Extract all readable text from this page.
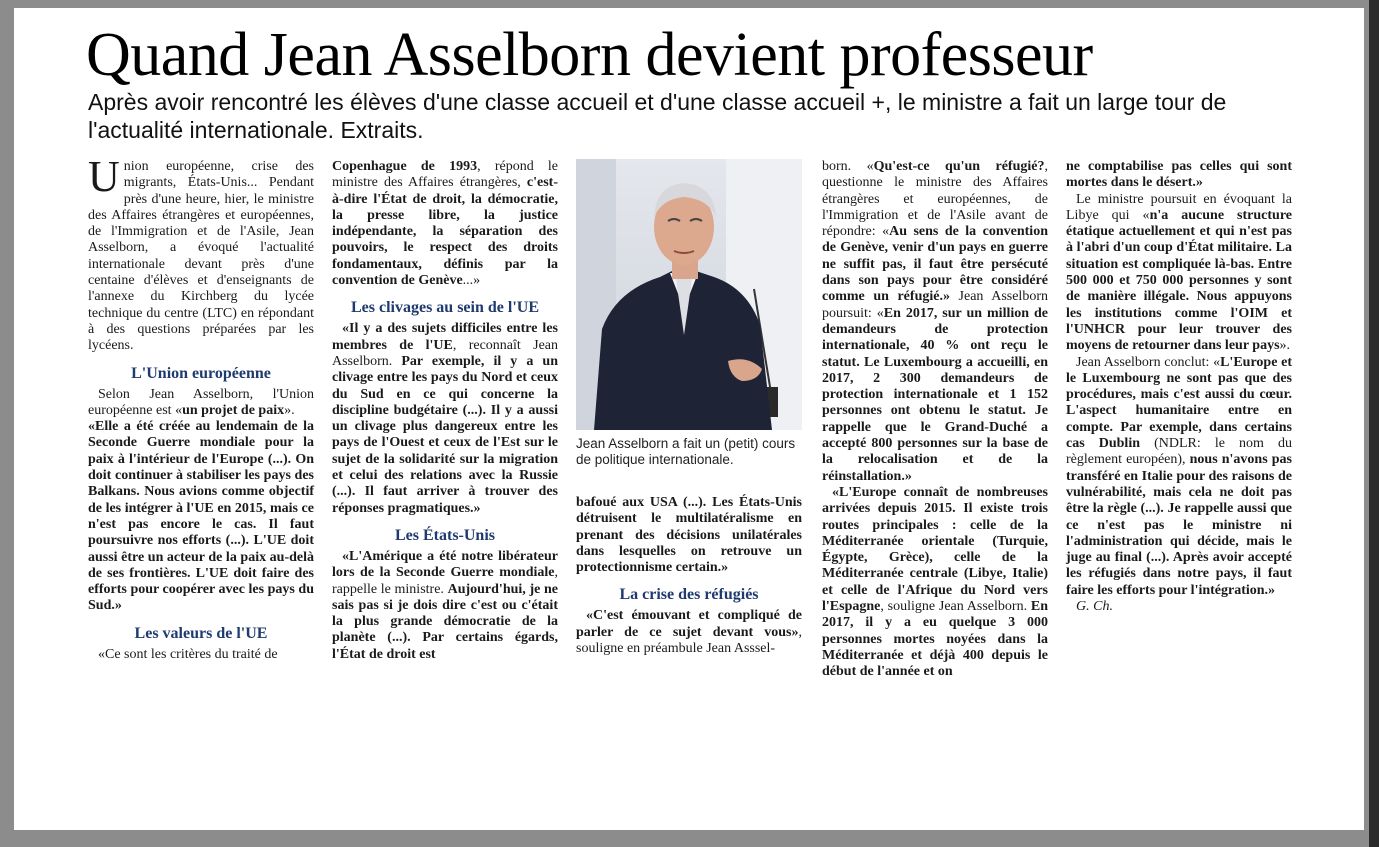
Quand Jean Asselborn devient professeur

Après avoir rencontré les élèves d'une classe accueil et d'une classe accueil +, le ministre a fait un large tour de l'actualité internationale. Extraits.

Union européenne, crise des migrants, États-Unis... Pendant près d'une heure, hier, le ministre des Affaires étrangères et européennes, de l'Immigration et de l'Asile, Jean Asselborn, a évoqué l'actualité internationale devant près d'une centaine d'élèves et d'enseignants de l'annexe du Kirchberg du lycée technique du centre (LTC) en répondant à des questions préparées par les lycéens.

L'Union européenne

Selon Jean Asselborn, l'Union européenne est «un projet de paix».

«Elle a été créée au lendemain de la Seconde Guerre mondiale pour la paix à l'intérieur de l'Europe (...). On doit continuer à stabiliser les pays des Balkans. Nous avions comme objectif de les intégrer à l'UE en 2015, mais ce n'est pas encore le cas. Il faut poursuivre nos efforts (...). L'UE doit aussi être un acteur de la paix au-delà de ses frontières. L'UE doit faire des efforts pour coopérer avec les pays du Sud.»

Les valeurs de l'UE

«Ce sont les critères du traité de

Copenhague de 1993, répond le ministre des Affaires étrangères, c'est-à-dire l'État de droit, la démocratie, la presse libre, la justice indépendante, la séparation des pouvoirs, le respect des droits fondamentaux, définis par la convention de Genève...»

Les clivages au sein de l'UE

«Il y a des sujets difficiles entre les membres de l'UE, reconnaît Jean Asselborn. Par exemple, il y a un clivage entre les pays du Nord et ceux du Sud en ce qui concerne la discipline budgétaire (...). Il y a aussi un clivage plus dangereux entre les pays de l'Ouest et ceux de l'Est sur le sujet de la solidarité sur la migration et celui des relations avec la Russie (...). Il faut arriver à trouver des réponses pragmatiques.»

Les États-Unis

«L'Amérique a été notre libérateur lors de la Seconde Guerre mondiale, rappelle le ministre. Aujourd'hui, je ne sais pas si je dois dire c'est ou c'était la plus grande démocratie de la planète (...). Par certains égards, l'État de droit est

Jean Asselborn a fait un (petit) cours de politique internationale.

bafoué aux USA (...). Les États-Unis détruisent le multilatéralisme en prenant des décisions unilatérales dans lesquelles on retrouve un protectionnisme certain.»

La crise des réfugiés

«C'est émouvant et compliqué de parler de ce sujet devant vous», souligne en préambule Jean Asssel-

born. «Qu'est-ce qu'un réfugié?, questionne le ministre des Affaires étrangères et européennes, de l'Immigration et de l'Asile avant de répondre: «Au sens de la convention de Genève, venir d'un pays en guerre ne suffit pas, il faut être persécuté dans son pays pour être considéré comme un réfugié.» Jean Asselborn poursuit: «En 2017, sur un million de demandeurs de protection internationale, 40 % ont reçu le statut. Le Luxembourg a accueilli, en 2017, 2 300 demandeurs de protection internationale et 1 152 personnes ont obtenu le statut. Je rappelle que le Grand-Duché a accepté 800 personnes sur la base de la relocalisation et de la réinstallation.»

«L'Europe connaît de nombreuses arrivées depuis 2015. Il existe trois routes principales : celle de la Méditerranée orientale (Turquie, Égypte, Grèce), celle de la Méditerranée centrale (Libye, Italie) et celle de l'Afrique du Nord vers l'Espagne, souligne Jean Asselborn. En 2017, il y a eu quelque 3 000 personnes mortes noyées dans la Méditerranée et déjà 400 depuis le début de l'année et on

ne comptabilise pas celles qui sont mortes dans le désert.»

Le ministre poursuit en évoquant la Libye qui «n'a aucune structure étatique actuellement et qui n'est pas à l'abri d'un coup d'État militaire. La situation est compliquée là-bas. Entre 500 000 et 750 000 personnes y sont de manière illégale. Nous appuyons les institutions comme l'OIM et l'UNHCR pour leur trouver des moyens de retourner dans leur pays».

Jean Asselborn conclut: «L'Europe et le Luxembourg ne sont pas que des procédures, mais c'est aussi du cœur. L'aspect humanitaire entre en compte. Par exemple, dans certains cas Dublin (NDLR: le nom du règlement européen), nous n'avons pas transféré en Italie pour des raisons de vulnérabilité, mais cela ne doit pas être la règle (...). Je rappelle aussi que ce n'est pas le ministre ni l'administration qui décide, mais le juge au final (...). Après avoir accepté les réfugiés dans notre pays, il faut faire les efforts pour l'intégration.»

G. Ch.
